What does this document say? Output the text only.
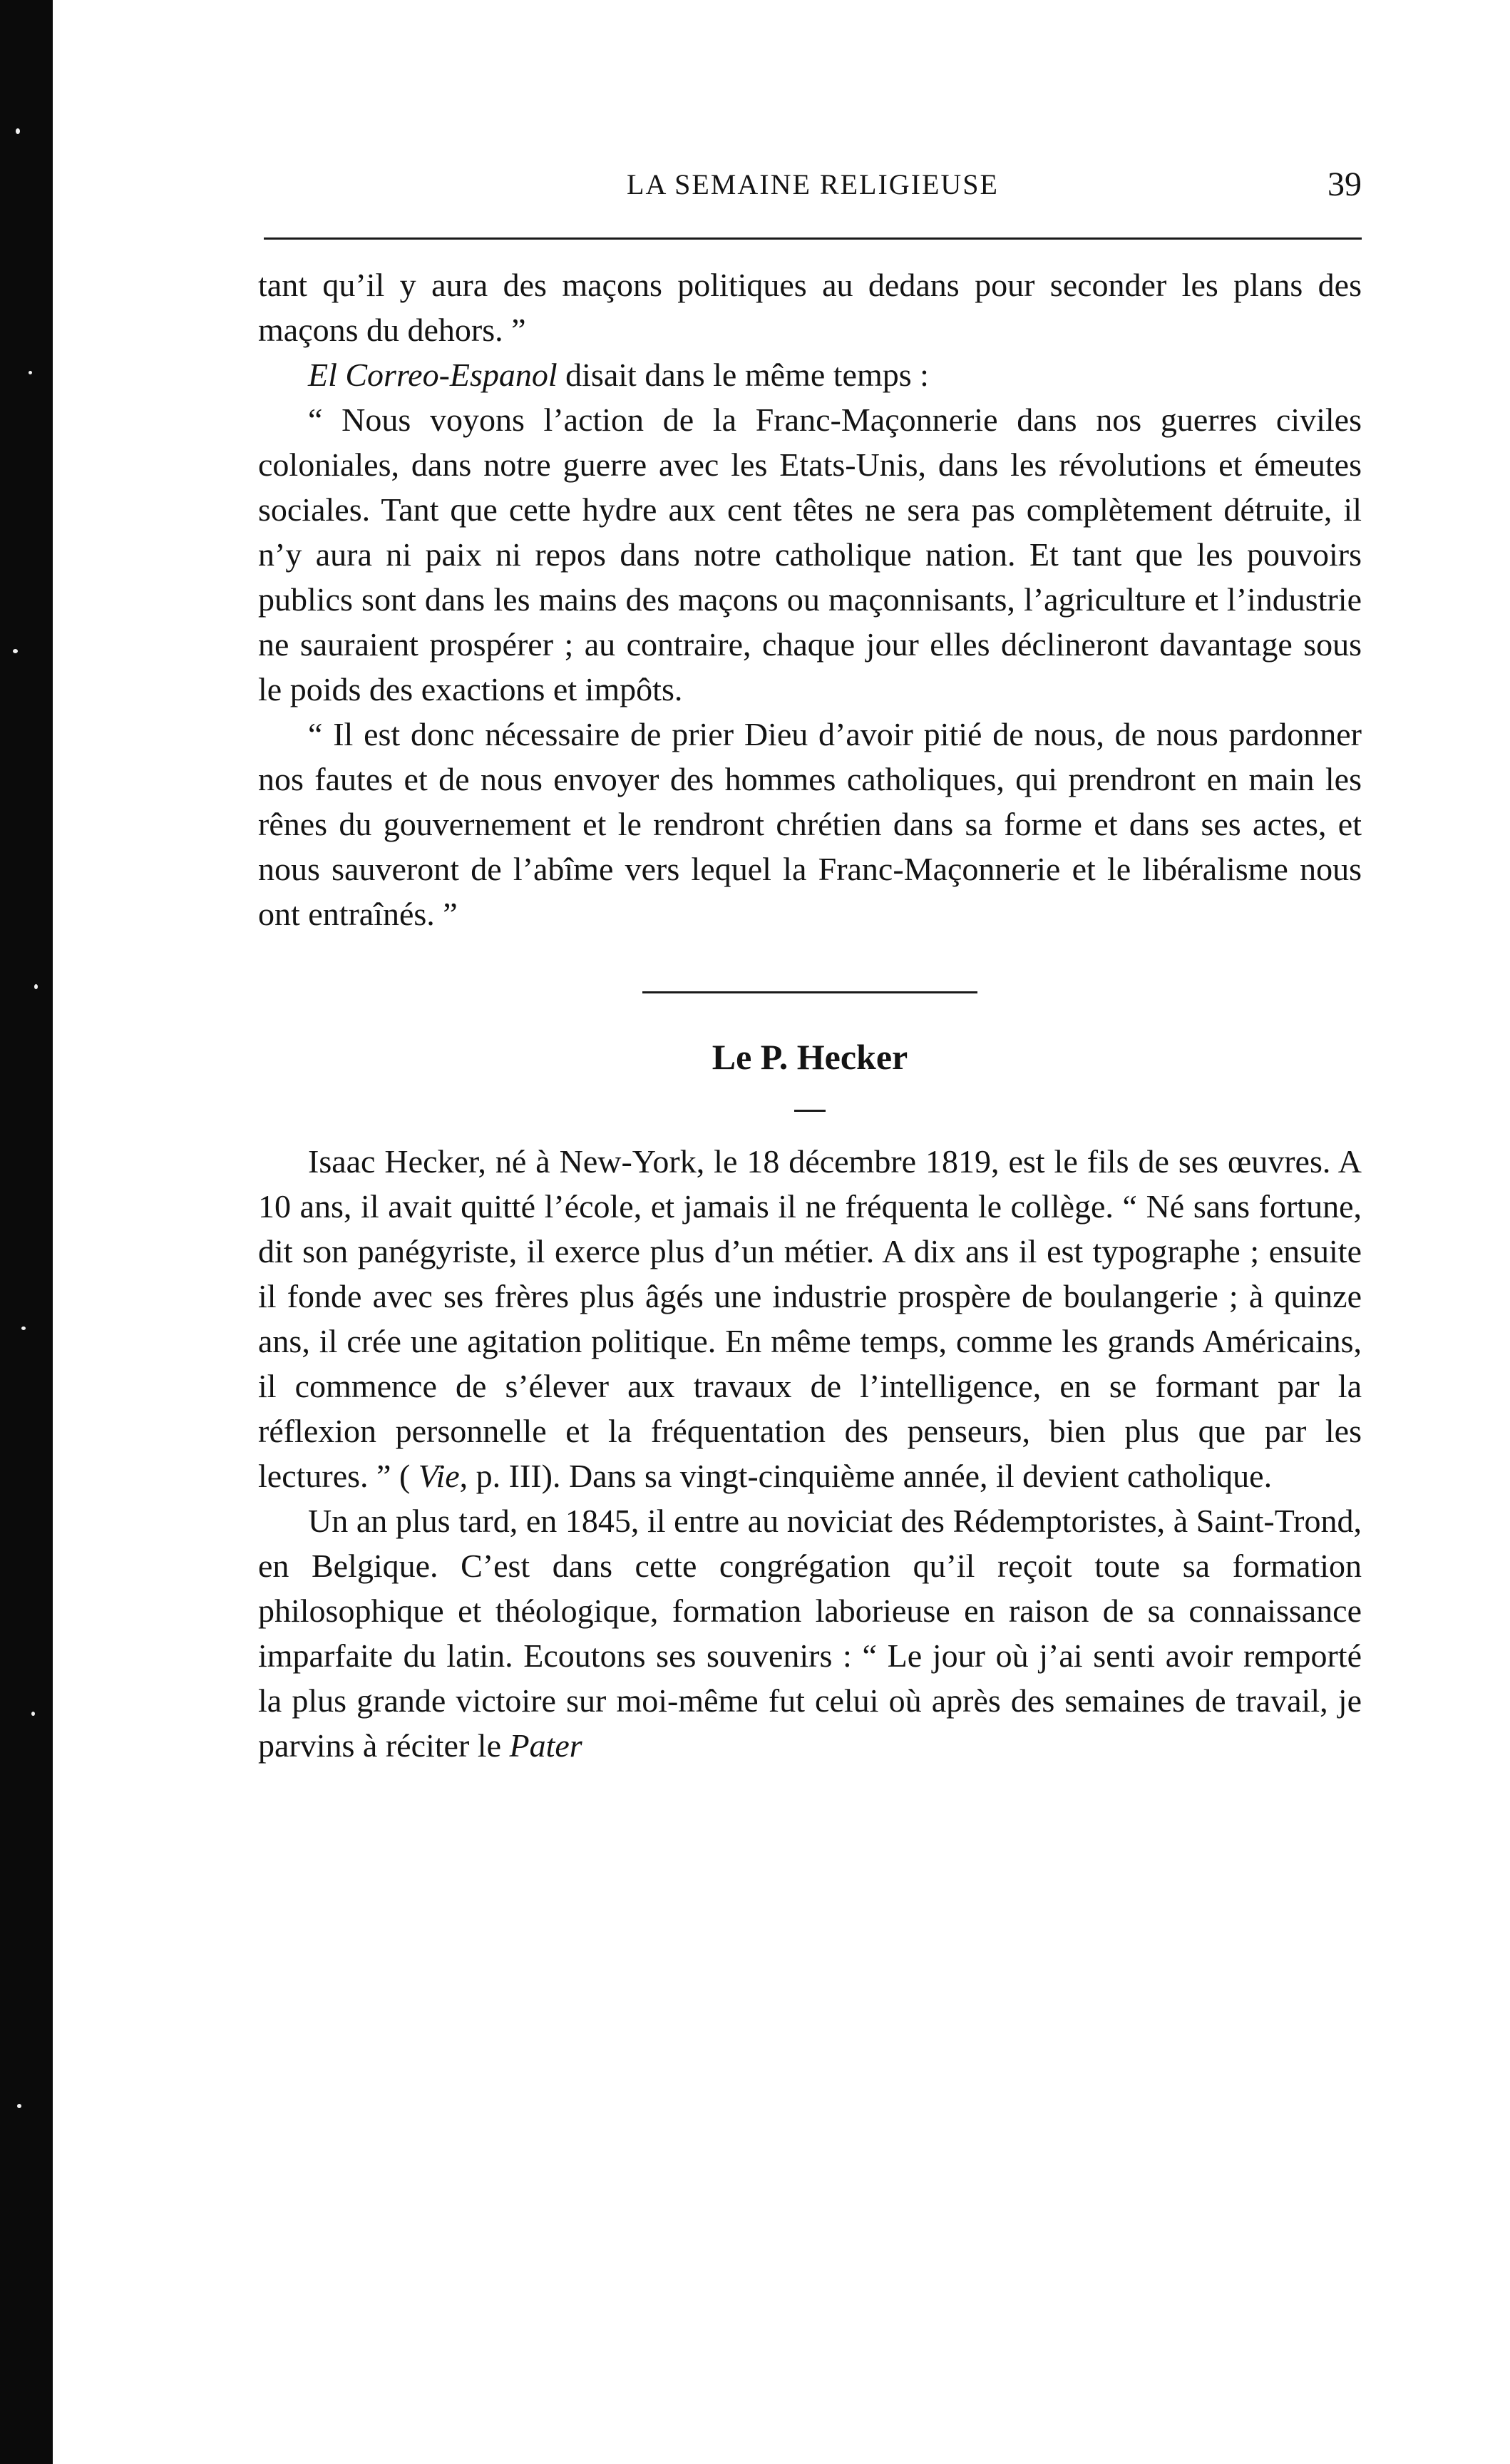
LA SEMAINE RELIGIEUSE	39

tant qu’il y aura des maçons politiques au dedans pour seconder les plans des maçons du dehors. ”

El Correo-Espanol disait dans le même temps :

“ Nous voyons l’action de la Franc-Maçonnerie dans nos guerres civiles coloniales, dans notre guerre avec les Etats-Unis, dans les révolutions et émeutes sociales. Tant que cette hydre aux cent têtes ne sera pas complètement détruite, il n’y aura ni paix ni repos dans notre catholique nation. Et tant que les pouvoirs publics sont dans les mains des maçons ou maçonnisants, l’agriculture et l’industrie ne sauraient prospérer ; au contraire, chaque jour elles déclineront davantage sous le poids des exactions et impôts.

“ Il est donc nécessaire de prier Dieu d’avoir pitié de nous, de nous pardonner nos fautes et de nous envoyer des hommes catholiques, qui prendront en main les rênes du gouvernement et le rendront chrétien dans sa forme et dans ses actes, et nous sauveront de l’abîme vers lequel la Franc-Maçonnerie et le libéralisme nous ont entraînés. ”

Le P. Hecker

Isaac Hecker, né à New-York, le 18 décembre 1819, est le fils de ses œuvres. A 10 ans, il avait quitté l’école, et jamais il ne fréquenta le collège. “ Né sans fortune, dit son panégyriste, il exerce plus d’un métier. A dix ans il est typographe ; ensuite il fonde avec ses frères plus âgés une industrie prospère de boulangerie ; à quinze ans, il crée une agitation politique. En même temps, comme les grands Américains, il commence de s’élever aux travaux de l’intelligence, en se formant par la réflexion personnelle et la fréquentation des penseurs, bien plus que par les lectures. ” ( Vie, p. III). Dans sa vingt-cinquième année, il devient catholique.

Un an plus tard, en 1845, il entre au noviciat des Rédemptoristes, à Saint-Trond, en Belgique. C’est dans cette congrégation qu’il reçoit toute sa formation philosophique et théologique, formation laborieuse en raison de sa connaissance imparfaite du latin. Ecoutons ses souvenirs : “ Le jour où j’ai senti avoir remporté la plus grande victoire sur moi-même fut celui où après des semaines de travail, je parvins à réciter le Pater
